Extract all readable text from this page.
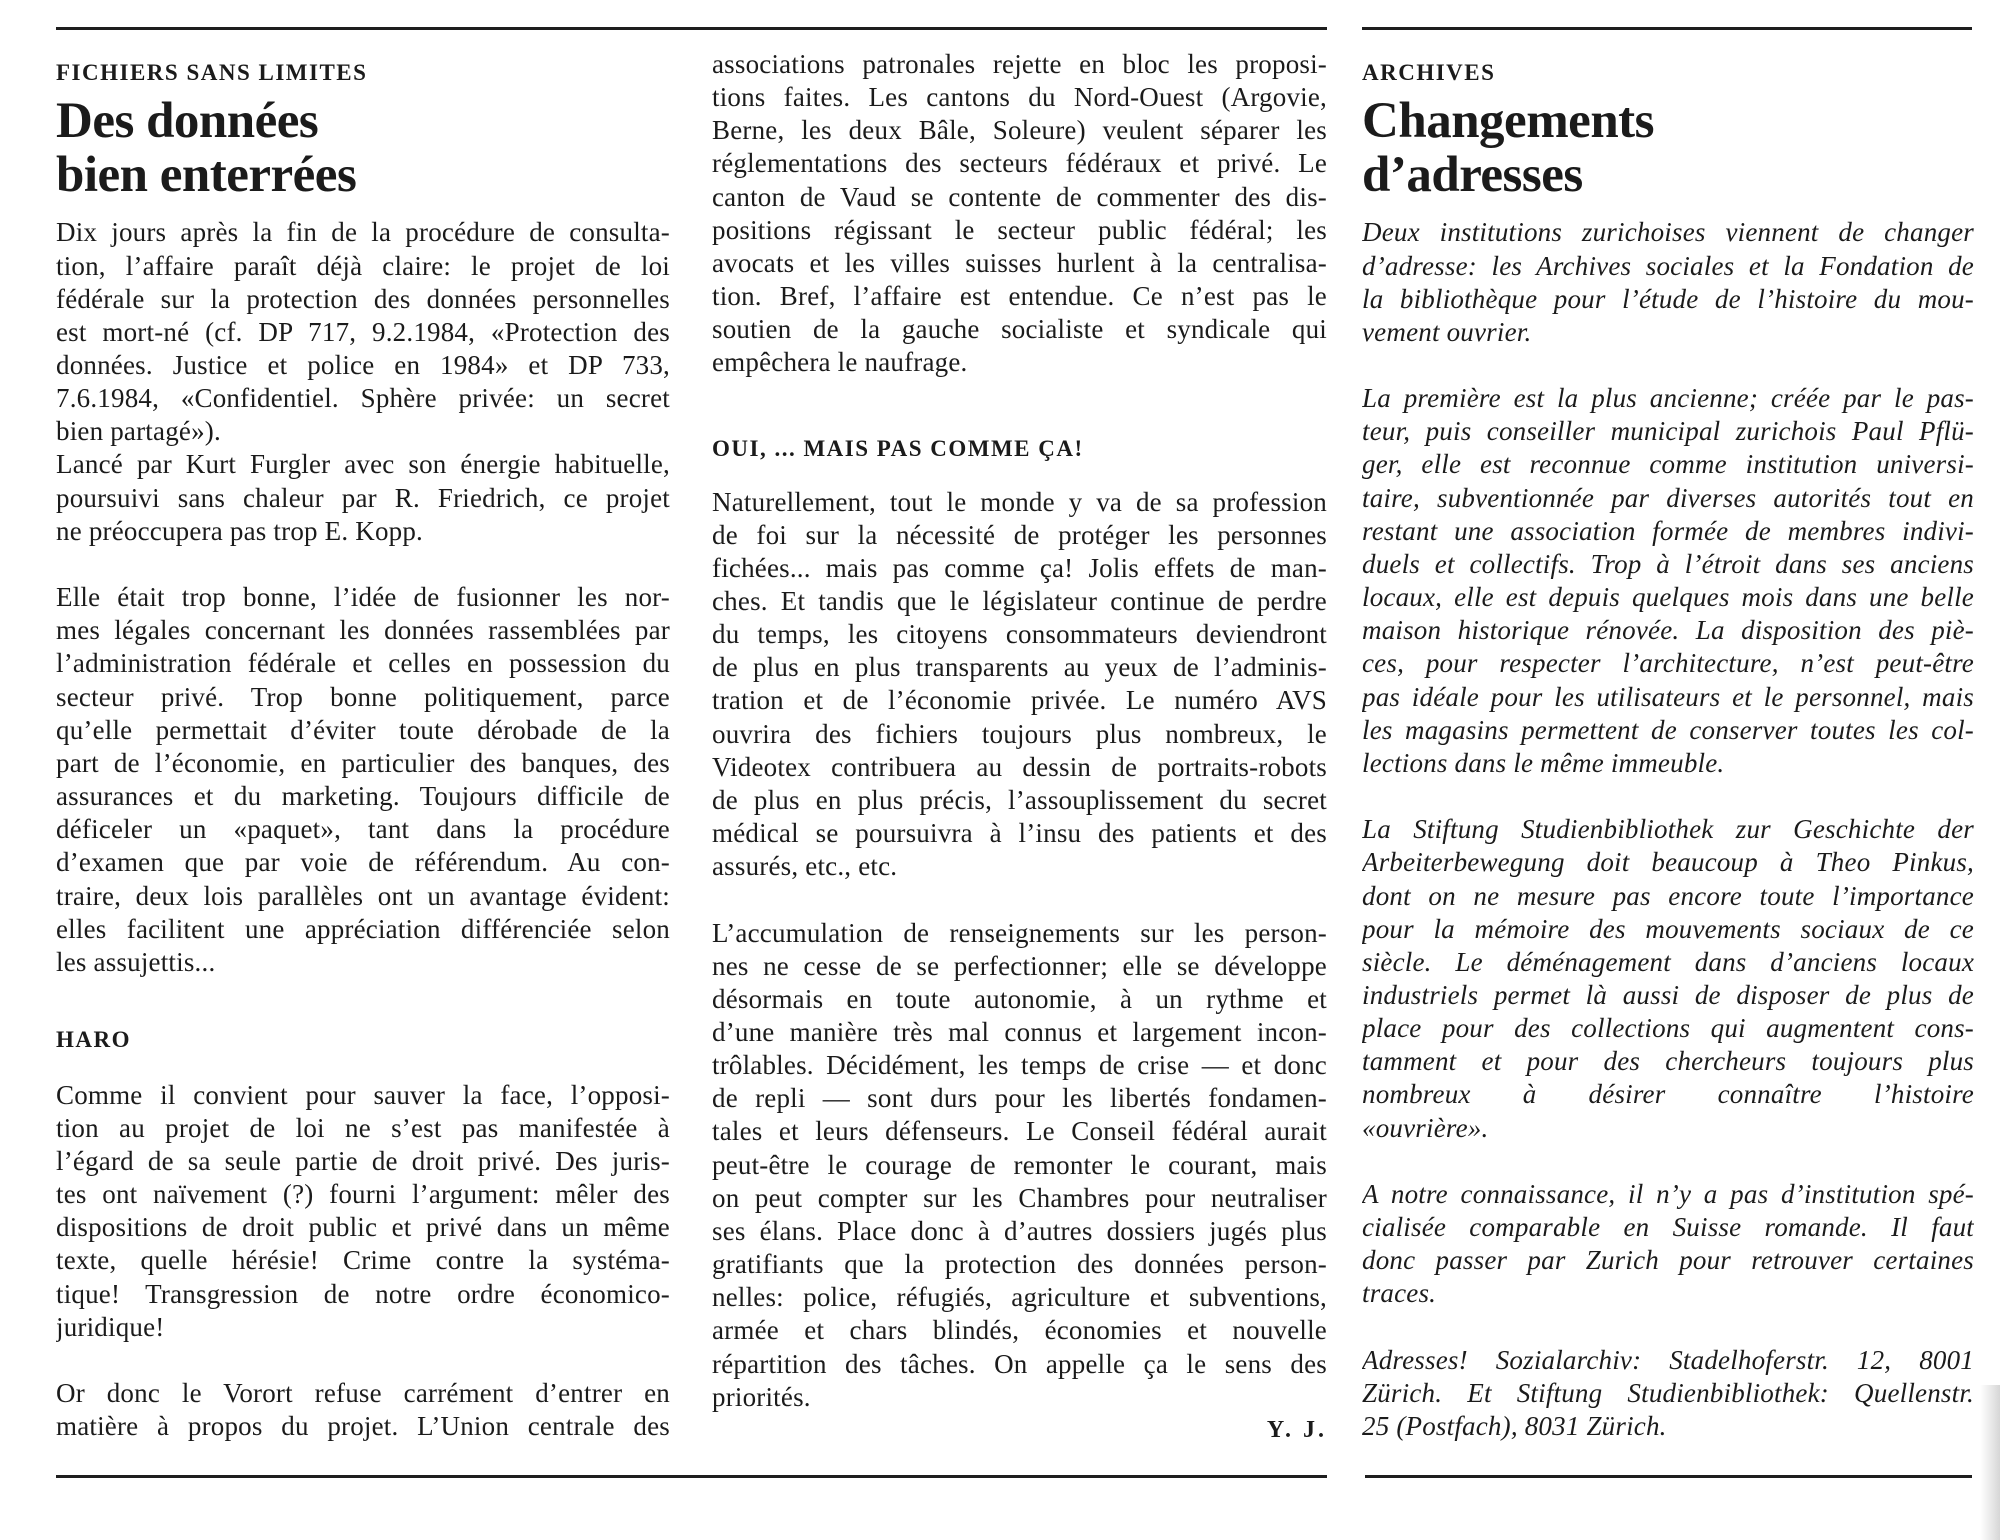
FICHIERS SANS LIMITES
Des données
bien enterrées
Dix jours après la fin de la procédure de consulta-
tion, l’affaire paraît déjà claire: le projet de loi
fédérale sur la protection des données personnelles
est mort-né (cf. DP 717, 9.2.1984, «Protection des
données. Justice et police en 1984» et DP 733,
7.6.1984, «Confidentiel. Sphère privée: un secret
bien partagé»).
Lancé par Kurt Furgler avec son énergie habituelle,
poursuivi sans chaleur par R. Friedrich, ce projet
ne préoccupera pas trop E. Kopp.
Elle était trop bonne, l’idée de fusionner les nor-
mes légales concernant les données rassemblées par
l’administration fédérale et celles en possession du
secteur privé. Trop bonne politiquement, parce
qu’elle permettait d’éviter toute dérobade de la
part de l’économie, en particulier des banques, des
assurances et du marketing. Toujours difficile de
déficeler un «paquet», tant dans la procédure
d’examen que par voie de référendum. Au con-
traire, deux lois parallèles ont un avantage évident:
elles facilitent une appréciation différenciée selon
les assujettis...
HARO
Comme il convient pour sauver la face, l’opposi-
tion au projet de loi ne s’est pas manifestée à
l’égard de sa seule partie de droit privé. Des juris-
tes ont naïvement (?) fourni l’argument: mêler des
dispositions de droit public et privé dans un même
texte, quelle hérésie! Crime contre la systéma-
tique! Transgression de notre ordre économico-
juridique!
Or donc le Vorort refuse carrément d’entrer en
matière à propos du projet. L’Union centrale des
associations patronales rejette en bloc les proposi-
tions faites. Les cantons du Nord-Ouest (Argovie,
Berne, les deux Bâle, Soleure) veulent séparer les
réglementations des secteurs fédéraux et privé. Le
canton de Vaud se contente de commenter des dis-
positions régissant le secteur public fédéral; les
avocats et les villes suisses hurlent à la centralisa-
tion. Bref, l’affaire est entendue. Ce n’est pas le
soutien de la gauche socialiste et syndicale qui
empêchera le naufrage.
OUI, ... MAIS PAS COMME ÇA!
Naturellement, tout le monde y va de sa profession
de foi sur la nécessité de protéger les personnes
fichées... mais pas comme ça! Jolis effets de man-
ches. Et tandis que le législateur continue de perdre
du temps, les citoyens consommateurs deviendront
de plus en plus transparents au yeux de l’adminis-
tration et de l’économie privée. Le numéro AVS
ouvrira des fichiers toujours plus nombreux, le
Videotex contribuera au dessin de portraits-robots
de plus en plus précis, l’assouplissement du secret
médical se poursuivra à l’insu des patients et des
assurés, etc., etc.
L’accumulation de renseignements sur les person-
nes ne cesse de se perfectionner; elle se développe
désormais en toute autonomie, à un rythme et
d’une manière très mal connus et largement incon-
trôlables. Décidément, les temps de crise — et donc
de repli — sont durs pour les libertés fondamen-
tales et leurs défenseurs. Le Conseil fédéral aurait
peut-être le courage de remonter le courant, mais
on peut compter sur les Chambres pour neutraliser
ses élans. Place donc à d’autres dossiers jugés plus
gratifiants que la protection des données person-
nelles: police, réfugiés, agriculture et subventions,
armée et chars blindés, économies et nouvelle
répartition des tâches. On appelle ça le sens des
priorités.
Y. J.
ARCHIVES
Changements
d’adresses
Deux institutions zurichoises viennent de changer
d’adresse: les Archives sociales et la Fondation de
la bibliothèque pour l’étude de l’histoire du mou-
vement ouvrier.
La première est la plus ancienne; créée par le pas-
teur, puis conseiller municipal zurichois Paul Pflü-
ger, elle est reconnue comme institution universi-
taire, subventionnée par diverses autorités tout en
restant une association formée de membres indivi-
duels et collectifs. Trop à l’étroit dans ses anciens
locaux, elle est depuis quelques mois dans une belle
maison historique rénovée. La disposition des piè-
ces, pour respecter l’architecture, n’est peut-être
pas idéale pour les utilisateurs et le personnel, mais
les magasins permettent de conserver toutes les col-
lections dans le même immeuble.
La Stiftung Studienbibliothek zur Geschichte der
Arbeiterbewegung doit beaucoup à Theo Pinkus,
dont on ne mesure pas encore toute l’importance
pour la mémoire des mouvements sociaux de ce
siècle. Le déménagement dans d’anciens locaux
industriels permet là aussi de disposer de plus de
place pour des collections qui augmentent cons-
tamment et pour des chercheurs toujours plus
nombreux à désirer connaître l’histoire
«ouvrière».
A notre connaissance, il n’y a pas d’institution spé-
cialisée comparable en Suisse romande. Il faut
donc passer par Zurich pour retrouver certaines
traces.
Adresses! Sozialarchiv: Stadelhoferstr. 12, 8001
Zürich. Et Stiftung Studienbibliothek: Quellenstr.
25 (Postfach), 8031 Zürich.
